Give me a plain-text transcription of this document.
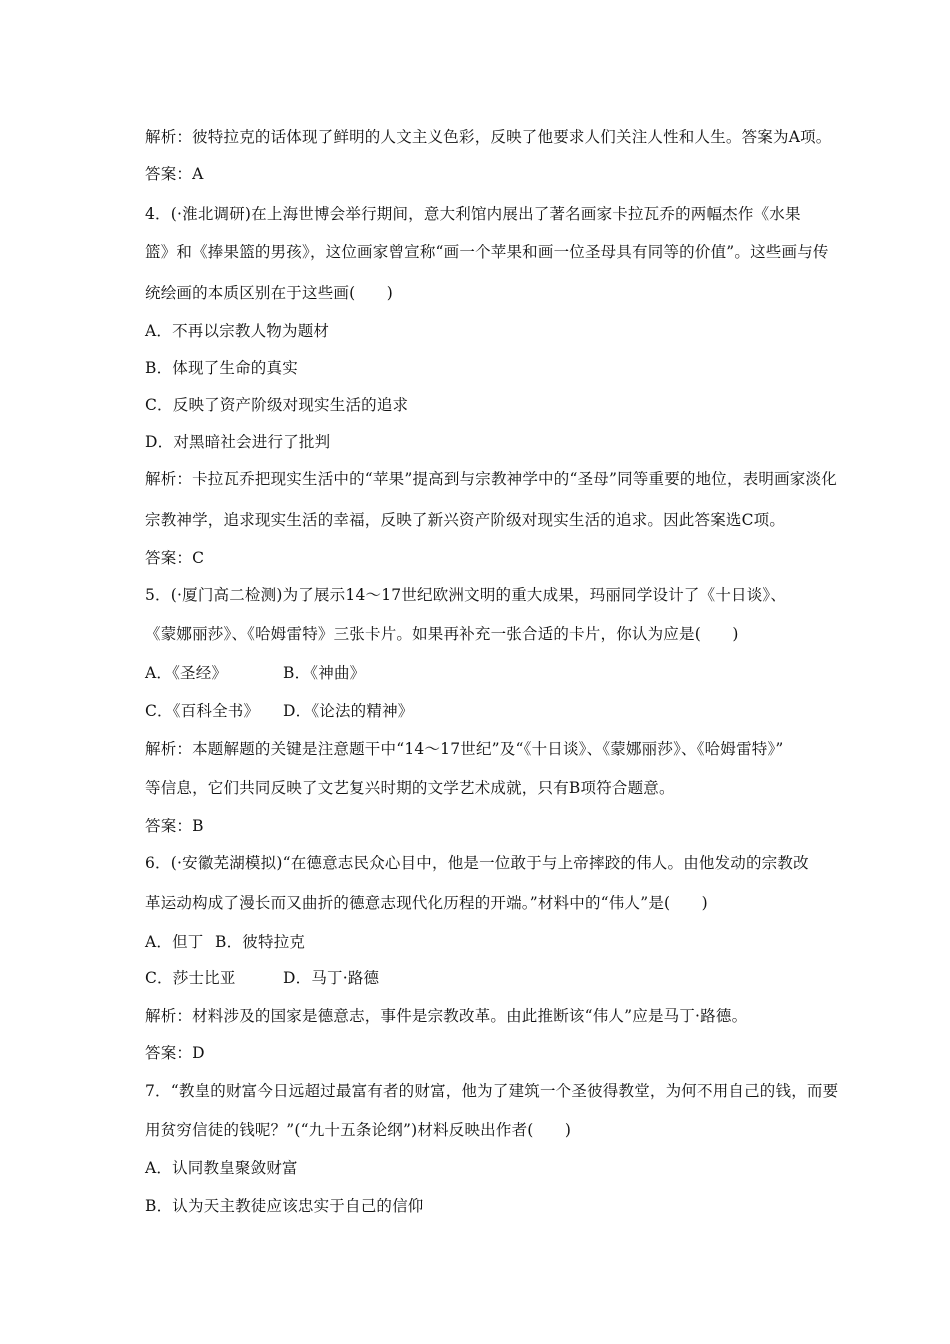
解析：彼特拉克的话体现了鲜明的人文主义色彩，反映了他要求人们关注人性和人生。答案为A项。
答案：A
4．(·淮北调研)在上海世博会举行期间，意大利馆内展出了著名画家卡拉瓦乔的两幅杰作《水果
篮》和《捧果篮的男孩》，这位画家曾宣称“画一个苹果和画一位圣母具有同等的价值”。这些画与传
统绘画的本质区别在于这些画(　　)
A．不再以宗教人物为题材
B．体现了生命的真实
C．反映了资产阶级对现实生活的追求
D．对黑暗社会进行了批判
解析：卡拉瓦乔把现实生活中的“苹果”提高到与宗教神学中的“圣母”同等重要的地位，表明画家淡化
宗教神学，追求现实生活的幸福，反映了新兴资产阶级对现实生活的追求。因此答案选C项。
答案：C
5．(·厦门高二检测)为了展示14～17世纪欧洲文明的重大成果，玛丽同学设计了《十日谈》、
《蒙娜丽莎》、《哈姆雷特》三张卡片。如果再补充一张合适的卡片，你认为应是(　　)
A．《圣经》	B．《神曲》
C．《百科全书》 D．《论法的精神》
解析：本题解题的关键是注意题干中“14～17世纪”及“《十日谈》、《蒙娜丽莎》、《哈姆雷特》”
等信息，它们共同反映了文艺复兴时期的文学艺术成就，只有B项符合题意。
答案：B
6．(·安徽芜湖模拟)“在德意志民众心目中，他是一位敢于与上帝摔跤的伟人。由他发动的宗教改
革运动构成了漫长而又曲折的德意志现代化历程的开端。”材料中的“伟人”是(　　)
A．但丁 B．彼特拉克
C．莎士比亚	D．马丁·路德
解析：材料涉及的国家是德意志，事件是宗教改革。由此推断该“伟人”应是马丁·路德。
答案：D
7．“教皇的财富今日远超过最富有者的财富，他为了建筑一个圣彼得教堂，为何不用自己的钱，而要
用贫穷信徒的钱呢？”(“九十五条论纲”)材料反映出作者(　　)
A．认同教皇聚敛财富
B．认为天主教徒应该忠实于自己的信仰
